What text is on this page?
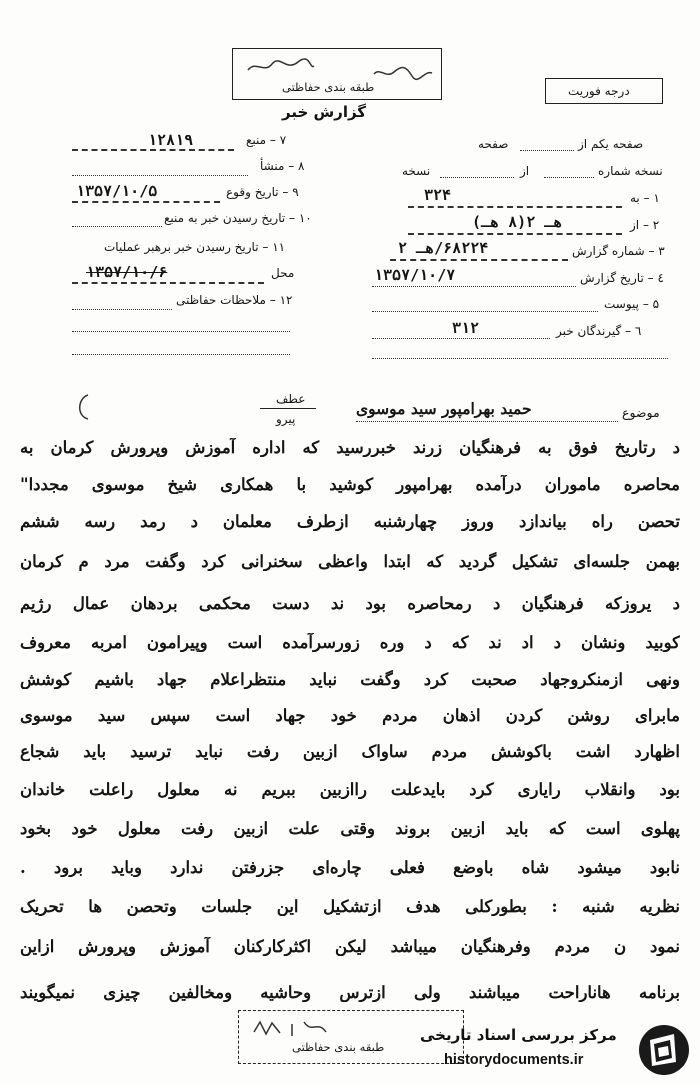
طبقه بندی حفاظتی
گزارش خبر
درجه فوریت
۷ – منبع
۱۲۸۱۹
۸ – منشأ
۹ – تاریخ وقوع
۱۳۵۷/۱۰/۵
۱۰ – تاریخ رسیدن خبر به منبع
۱۱ – تاریخ رسیدن خبر برهبر عملیات
محل
۱۳۵۷/۱۰/۶
۱۲ – ملاحظات حفاظتی
صفحه یکم از
صفحه
نسخه شماره
از
نسخه
۱ – به
۳۲۴
۲ – از
هـ ۲(۸ هـ)
۳ – شماره گزارش
۶۸۲۲۴/هـ ۲
٤ – تاریخ گزارش
۱۳۵۷/۱۰/۷
۵ – پیوست
٦ – گیرندگان خبر
۳۱۲
عطف
پیرو	موضوع
حمید بهرامپور سید موسوی
د رتاریخ فوق به فرهنگیان زرند خبررسید که اداره آموزش وپرورش کرمان به
محاصره ماموران درآمده بهرامپور کوشید با همکاری شیخ موسوی مجددا"
تحصن راه بیاندازد وروز چهارشنبه ازطرف معلمان د رمد رسه ششم
بهمن جلسه‌ای تشکیل گردید که ابتدا واعظی سخنرانی کرد وگفت مرد م کرمان
د یروزکه فرهنگیان د رمحاصره بود ند دست محکمی بردهان عمال رژیم
کوبید ونشان د اد ند که د وره زورسرآمده است وپیرامون امربه معروف
ونهی ازمنکروجهاد صحبت کرد وگفت نباید منتظراعلام جهاد باشیم کوشش
مابرای روشن کردن اذهان مردم خود جهاد است سپس سید موسوی
اظهارد اشت باکوشش مردم ساواک ازبین رفت نباید ترسید باید شجاع
بود وانقلاب رایاری کرد بایدعلت راازبین ببریم نه معلول راعلت خاندان
پهلوی است که باید ازبین بروند وقتی علت ازبین رفت معلول خود بخود
نابود میشود شاه باوضع فعلی چاره‌ای جزرفتن ندارد وباید برود .
نظریه شنبه : بطورکلی هدف ازتشکیل این جلسات وتحصن ها تحریک
نمود ن مردم وفرهنگیان میباشد لیکن اکثرکارکنان آموزش وپرورش ازاین
برنامه هاناراحت میباشند ولی ازترس وحاشیه ومخالفین چیزی نمیگویند
طبقه بندی حفاظتی
مرکز بررسی اسناد تاریخی
historydocuments.ir
